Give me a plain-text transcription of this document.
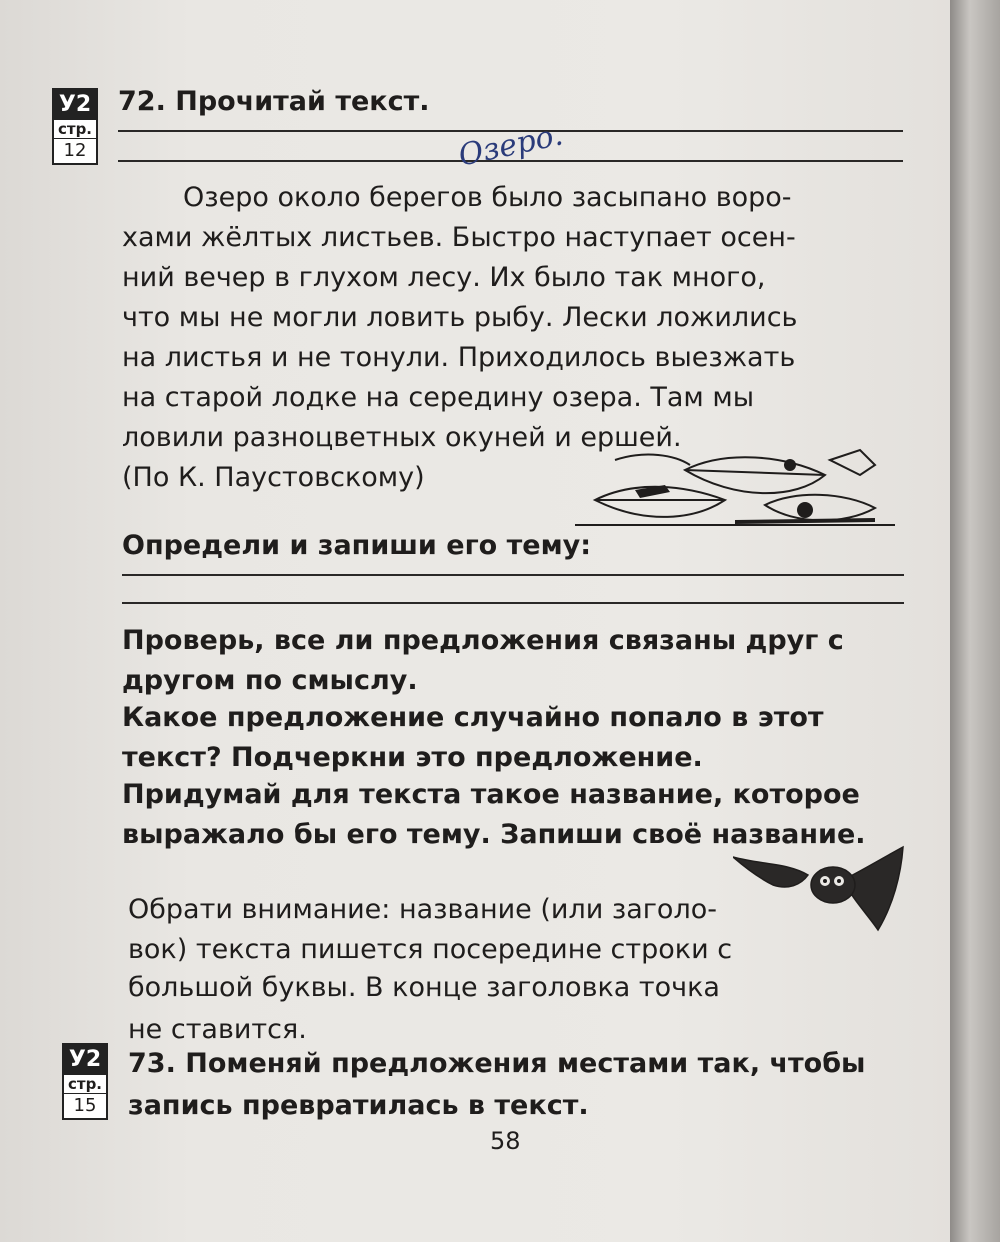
У2
стр.
12

72. Прочитай текст.

Озеро.

Озеро около берегов было засыпано воро-

хами жёлтых листьев. Быстро наступает осен-

ний вечер в глухом лесу. Их было так много,

что мы не могли ловить рыбу. Лески ложились

на листья и не тонули. Приходилось выезжать

на старой лодке на середину озера. Там мы

ловили разноцветных окуней и ершей.

(По К. Паустовскому)

Определи и запиши его тему:

Проверь, все ли предложения связаны друг с

другом по смыслу.

Какое предложение случайно попало в этот

текст? Подчеркни это предложение.

Придумай для текста такое название, которое

выражало бы его тему. Запиши своё название.

Обрати внимание: название (или заголо-

вок) текста пишется посередине строки с

большой буквы. В конце заголовка точка

не ставится.

У2
стр.
15

73. Поменяй предложения местами так, чтобы

запись превратилась в текст.

58
